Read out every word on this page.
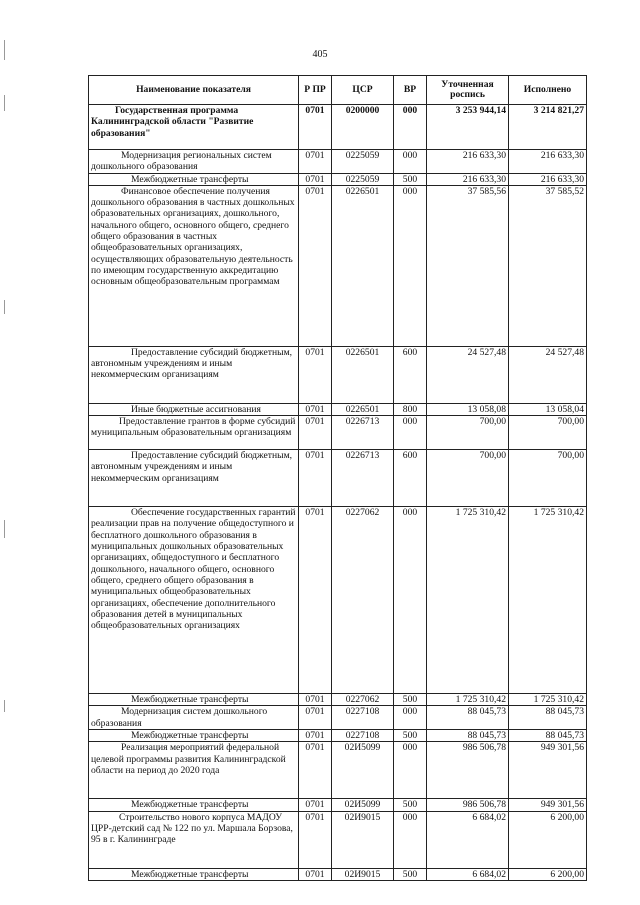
405
Наименование показателя	Р ПР	ЦСР	ВР	Уточненная роспись	Исполнено
Государственная программа Калининградской области "Развитие образования"	0701	0200000	000	3 253 944,14	3 214 821,27
Модернизация региональных систем дошкольного образования	0701	0225059	000	216 633,30	216 633,30
Межбюджетные трансферты	0701	0225059	500	216 633,30	216 633,30
Финансовое обеспечение получения дошкольного образования в частных дошкольных образовательных организациях, дошкольного, начального общего, основного общего, среднего общего образования в частных общеобразовательных организациях, осуществляющих образовательную деятельность по имеющим государственную аккредитацию основным общеобразовательным программам	0701	0226501	000	37 585,56	37 585,52
Предоставление субсидий бюджетным, автономным учреждениям и иным некоммерческим организациям	0701	0226501	600	24 527,48	24 527,48
Иные бюджетные ассигнования	0701	0226501	800	13 058,08	13 058,04
Предоставление грантов в форме субсидий муниципальным образовательным организациям	0701	0226713	000	700,00	700,00
Предоставление субсидий бюджетным, автономным учреждениям и иным некоммерческим организациям	0701	0226713	600	700,00	700,00
Обеспечение государственных гарантий реализации прав на получение общедоступного и бесплатного дошкольного образования в муниципальных дошкольных образовательных организациях, общедоступного и бесплатного дошкольного, начального общего, основного общего, среднего общего образования в муниципальных общеобразовательных организациях, обеспечение дополнительного образования детей в муниципальных общеобразовательных организациях	0701	0227062	000	1 725 310,42	1 725 310,42
Межбюджетные трансферты	0701	0227062	500	1 725 310,42	1 725 310,42
Модернизация систем дошкольного образования	0701	0227108	000	88 045,73	88 045,73
Межбюджетные трансферты	0701	0227108	500	88 045,73	88 045,73
Реализация мероприятий федеральной целевой программы развития Калининградской области на период до 2020 года	0701	02И5099	000	986 506,78	949 301,56
Межбюджетные трансферты	0701	02И5099	500	986 506,78	949 301,56
Строительство нового корпуса МАДОУ ЦРР-детский сад № 122 по ул. Маршала Борзова, 95 в г. Калининграде	0701	02И9015	000	6 684,02	6 200,00
Межбюджетные трансферты	0701	02И9015	500	6 684,02	6 200,00
